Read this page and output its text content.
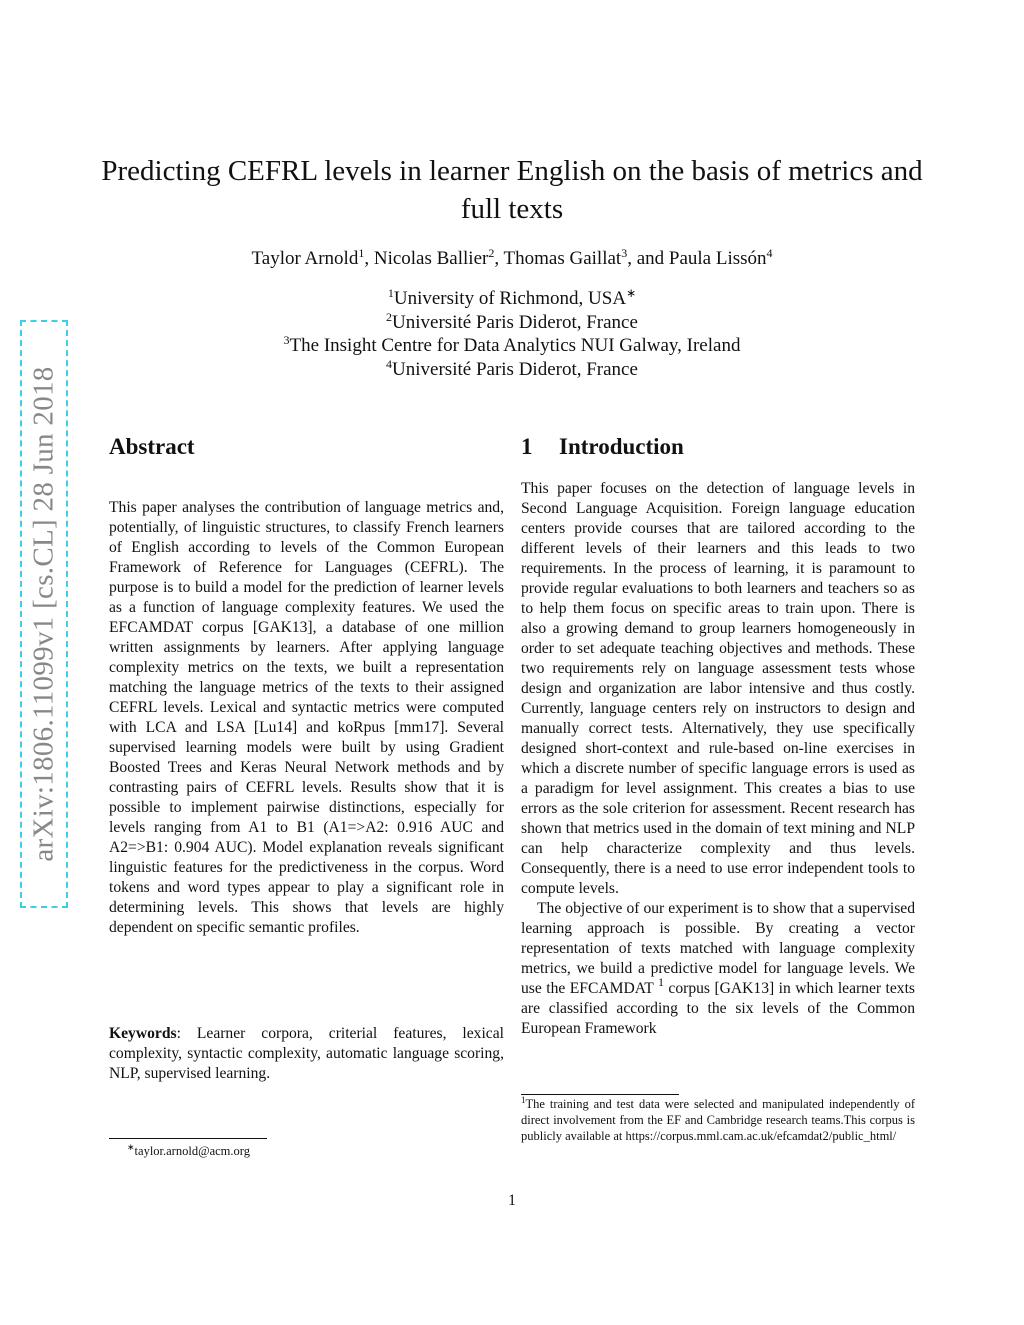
arXiv:1806.11099v1 [cs.CL] 28 Jun 2018
Predicting CEFRL levels in learner English on the basis of metrics and full texts
Taylor Arnold$^1$, Nicolas Ballier$^2$, Thomas Gaillat$^3$, and Paula Lissón$^4$
$^1$University of Richmond, USA∗
$^2$Université Paris Diderot, France
$^3$The Insight Centre for Data Analytics NUI Galway, Ireland
$^4$Université Paris Diderot, France
Abstract	1 Introduction

This paper analyses the contribution of language metrics and, potentially, of linguistic structures, to classify French learners of English according to levels of the Common European Framework of Reference for Languages (CEFRL). The purpose is to build a model for the prediction of learner levels as a function of language complexity features. We used the EFCAMDAT corpus [GAK13], a database of one million written assignments by learners. After applying language complexity metrics on the texts, we built a representation matching the language metrics of the texts to their assigned CEFRL levels. Lexical and syntactic metrics were computed with LCA and LSA [Lu14] and koRpus [mm17]. Several supervised learning models were built by using Gradient Boosted Trees and Keras Neural Network methods and by contrasting pairs of CEFRL levels. Results show that it is possible to implement pairwise distinctions, especially for levels ranging from A1 to B1 (A1=>A2: 0.916 AUC and A2=>B1: 0.904 AUC). Model explanation reveals significant linguistic features for the predictiveness in the corpus. Word tokens and word types appear to play a significant role in determining levels. This shows that levels are highly dependent on specific semantic profiles.

Keywords: Learner corpora, criterial features, lexical complexity, syntactic complexity, automatic language scoring, NLP, supervised learning.

This paper focuses on the detection of language levels in Second Language Acquisition. Foreign language education centers provide courses that are tailored according to the different levels of their learners and this leads to two requirements. In the process of learning, it is paramount to provide regular evaluations to both learners and teachers so as to help them focus on specific areas to train upon. There is also a growing demand to group learners homogeneously in order to set adequate teaching objectives and methods. These two requirements rely on language assessment tests whose design and organization are labor intensive and thus costly. Currently, language centers rely on instructors to design and manually correct tests. Alternatively, they use specifically designed short-context and rule-based on-line exercises in which a discrete number of specific language errors is used as a paradigm for level assignment. This creates a bias to use errors as the sole criterion for assessment. Recent research has shown that metrics used in the domain of text mining and NLP can help characterize complexity and thus levels. Consequently, there is a need to use error independent tools to compute levels.

The objective of our experiment is to show that a supervised learning approach is possible. By creating a vector representation of texts matched with language complexity metrics, we build a predictive model for language levels. We use the EFCAMDAT $^1$ corpus [GAK13] in which learner texts are classified according to the six levels of the Common European Framework

∗taylor.arnold@acm.org
$^1$The training and test data were selected and manipulated independently of direct involvement from the EF and Cambridge research teams.This corpus is publicly available at https://corpus.mml.cam.ac.uk/efcamdat2/public_html/
1
